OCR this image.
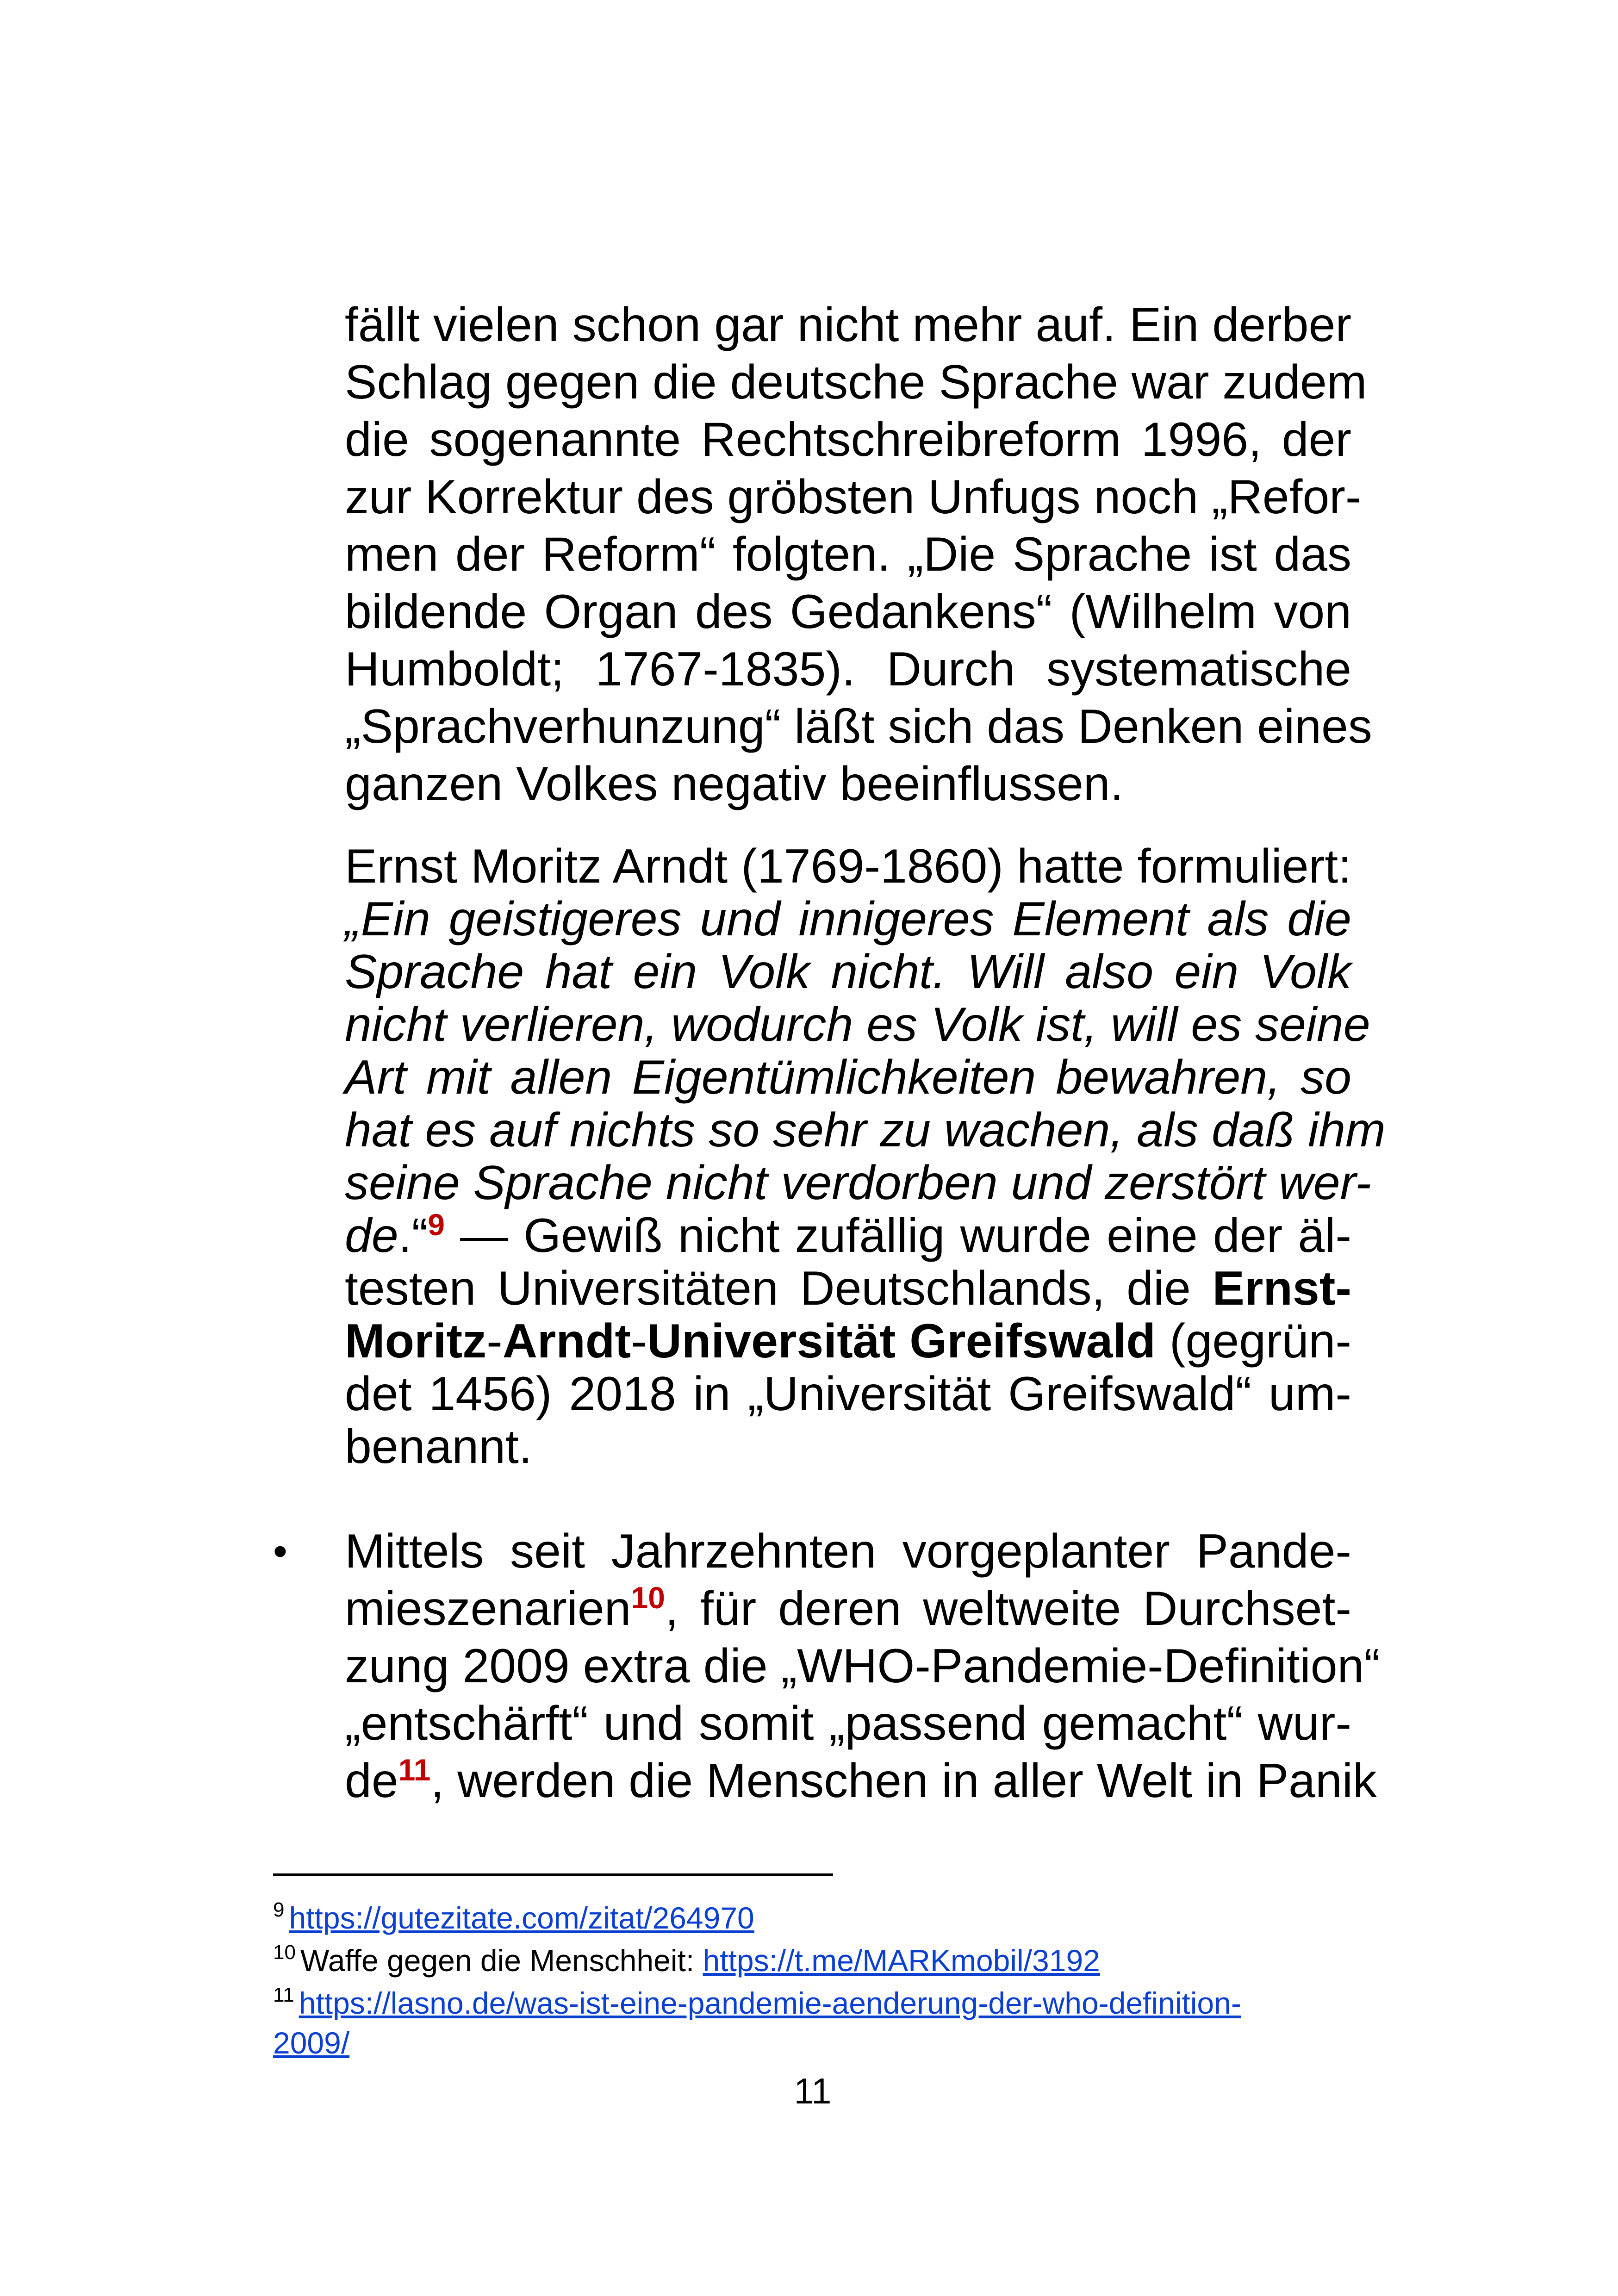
fällt vielen schon gar nicht mehr auf. Ein derber
Schlag gegen die deutsche Sprache war zudem
die sogenannte Rechtschreibreform 1996, der
zur Korrektur des gröbsten Unfugs noch „Refor-
men der Reform“ folgten. „Die Sprache ist das
bildende Organ des Gedankens“ (Wilhelm von
Humboldt; 1767-1835). Durch systematische
„Sprachverhunzung“ läßt sich das Denken eines
ganzen Volkes negativ beeinflussen.
Ernst Moritz Arndt (1769-1860) hatte formuliert:
„Ein geistigeres und innigeres Element als die
Sprache hat ein Volk nicht. Will also ein Volk
nicht verlieren, wodurch es Volk ist, will es seine
Art mit allen Eigentümlichkeiten bewahren, so
hat es auf nichts so sehr zu wachen, als daß ihm
seine Sprache nicht verdorben und zerstört wer-
de.“$^9$ — Gewiß nicht zufällig wurde eine der äl-
testen Universitäten Deutschlands, die Ernst-
Moritz-Arndt-Universität Greifswald (gegrün-
det 1456) 2018 in „Universität Greifswald“ um-
benannt.
• Mittels seit Jahrzehnten vorgeplanter Pande-
mieszenarien$^{10}$, für deren weltweite Durchset-
zung 2009 extra die „WHO-Pandemie-Definition“
„entschärft“ und somit „passend gemacht“ wur-
de$^{11}$, werden die Menschen in aller Welt in Panik
$^9$ https://gutezitate.com/zitat/264970
$^{10}$ Waffe gegen die Menschheit: https://t.me/MARKmobil/3192
$^{11}$ https://lasno.de/was-ist-eine-pandemie-aenderung-der-who-definition-
2009/
11
